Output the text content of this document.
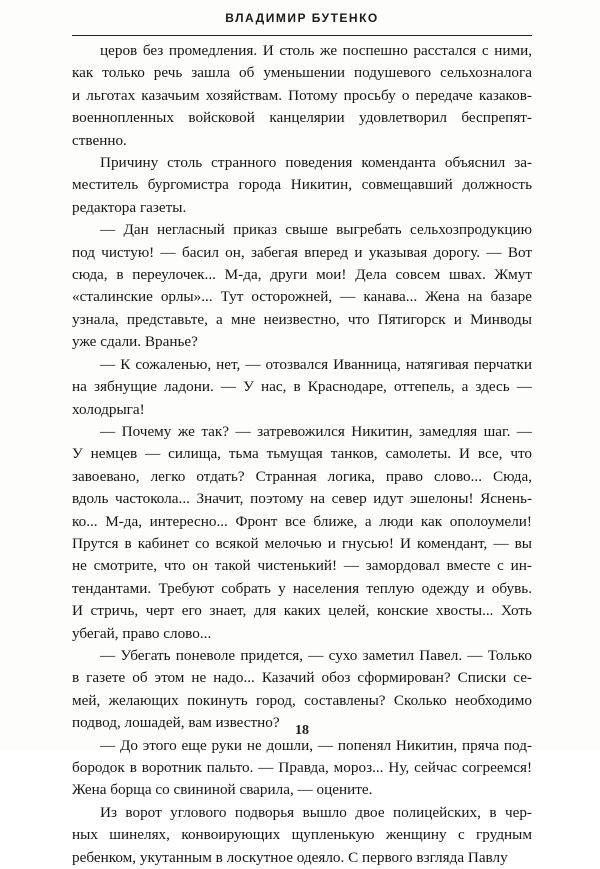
ВЛАДИМИР БУТЕНКО
церов без промедления. И столь же поспешно расстался с ними,
как только речь зашла об уменьшении подушевого сельхозналога
и льготах казачьим хозяйствам. Потому просьбу о передаче казаков-
военнопленных войсковой канцелярии удовлетворил беспрепят-
ственно.
Причину столь странного поведения коменданта объяснил за-
меститель бургомистра города Никитин, совмещавший должность
редактора газеты.
— Дан негласный приказ свыше выгребать сельхозпродукцию
под чистую! — басил он, забегая вперед и указывая дорогу. — Вот
сюда, в переулочек... М-да, други мои! Дела совсем швах. Жмут
«сталинские орлы»... Тут осторожней, — канава... Жена на базаре
узнала, представьте, а мне неизвестно, что Пятигорск и Минводы
уже сдали. Вранье?
— К сожаленью, нет, — отозвался Иванница, натягивая перчатки
на зябнущие ладони. — У нас, в Краснодаре, оттепель, а здесь —
холодрыга!
— Почему же так? — затревожился Никитин, замедляя шаг. —
У немцев — силища, тьма тьмущая танков, самолеты. И все, что
завоевано, легко отдать? Странная логика, право слово... Сюда,
вдоль частокола... Значит, поэтому на север идут эшелоны! Яснень-
ко... М-да, интересно... Фронт все ближе, а люди как ополоумели!
Прутся в кабинет со всякой мелочью и гнусью! И комендант, — вы
не смотрите, что он такой чистенький! — замордовал вместе с ин-
тендантами. Требуют собрать у населения теплую одежду и обувь.
И стричь, черт его знает, для каких целей, конские хвосты... Хоть
убегай, право слово...
— Убегать поневоле придется, — сухо заметил Павел. — Только
в газете об этом не надо... Казачий обоз сформирован? Списки се-
мей, желающих покинуть город, составлены? Сколько необходимо
подвод, лошадей, вам известно?
— До этого еще руки не дошли, — попенял Никитин, пряча под-
бородок в воротник пальто. — Правда, мороз... Ну, сейчас согреемся!
Жена борща со свининой сварила, — оцените.
Из ворот углового подворья вышло двое полицейских, в чер-
ных шинелях, конвоирующих щупленькую женщину с грудным
ребенком, укутанным в лоскутное одеяло. С первого взгляда Павлу
18
